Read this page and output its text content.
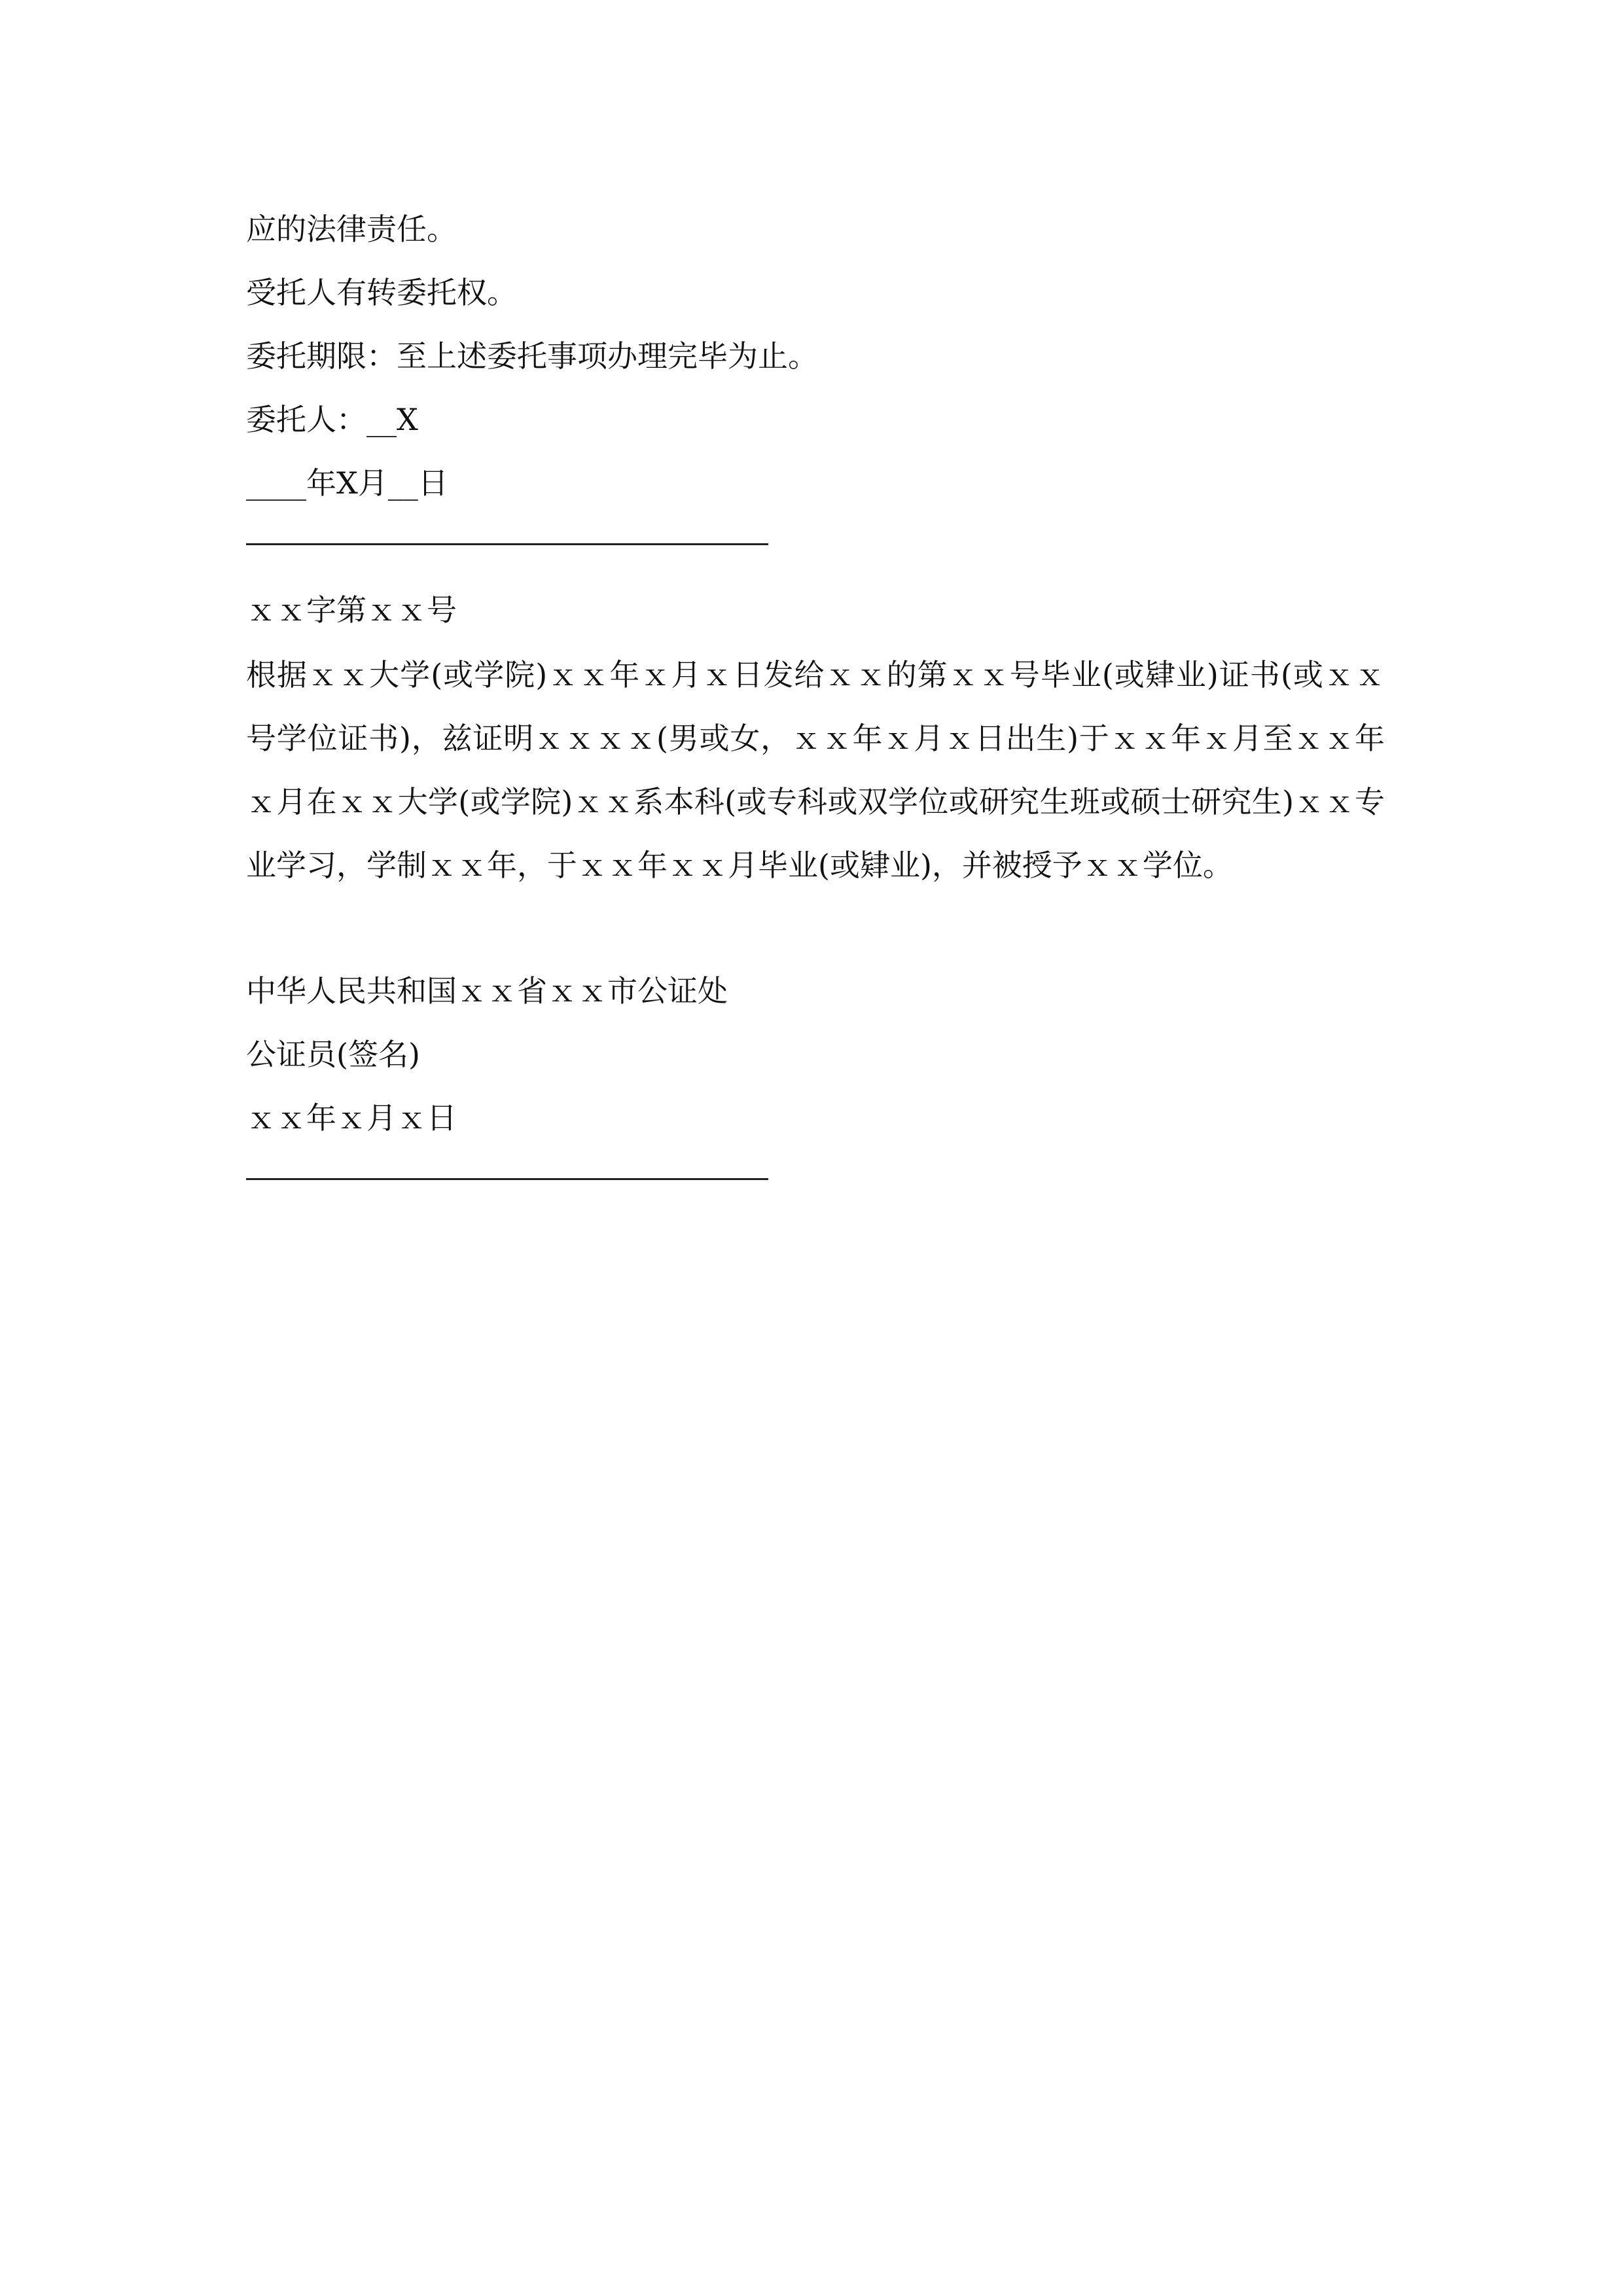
应的法律责任。
受托人有转委托权。
委托期限：至上述委托事项办理完毕为止。
委托人：__X
____年X月__日
ｘｘ字第ｘｘ号
根据ｘｘ大学(或学院)ｘｘ年ｘ月ｘ日发给ｘｘ的第ｘｘ号毕业(或肄业)证书(或ｘｘ号学位证书)，兹证明ｘｘｘｘ(男或女，ｘｘ年ｘ月ｘ日出生)于ｘｘ年ｘ月至ｘｘ年ｘ月在ｘｘ大学(或学院)ｘｘ系本科(或专科或双学位或研究生班或硕士研究生)ｘｘ专业学习，学制ｘｘ年，于ｘｘ年ｘｘ月毕业(或肄业)，并被授予ｘｘ学位。
中华人民共和国ｘｘ省ｘｘ市公证处
公证员(签名)
ｘｘ年ｘ月ｘ日
